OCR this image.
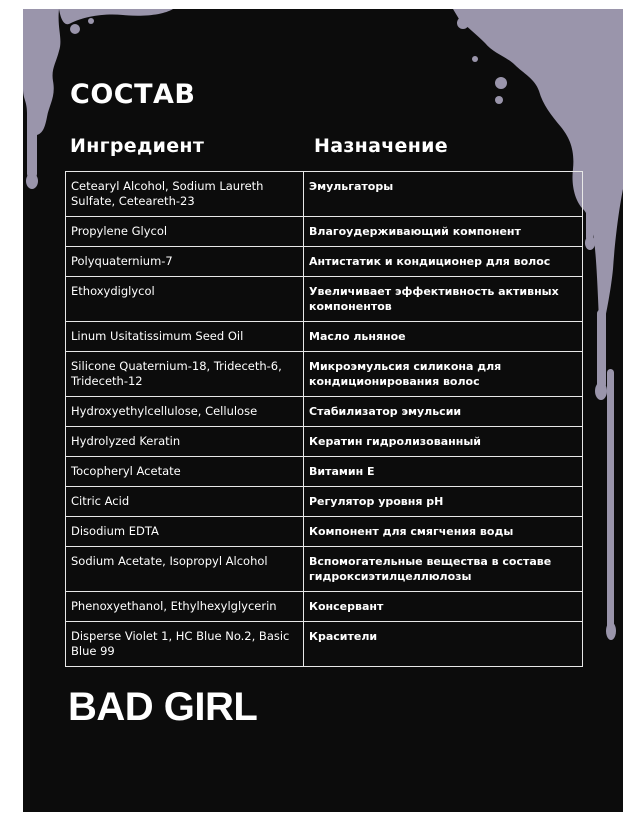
СОСТАВ
Ингредиент	Назначение
Cetearyl Alcohol, Sodium Laureth Sulfate, Ceteareth-23	Эмульгаторы
Propylene Glycol	Влагоудерживающий компонент
Polyquaternium-7	Антистатик и кондиционер для волос
Ethoxydiglycol	Увеличивает эффективность активных компонентов
Linum Usitatissimum Seed Oil	Масло льняное
Silicone Quaternium-18, Trideceth-6, Trideceth-12	Микроэмульсия силикона для кондиционирования волос
Hydroxyethylcellulose, Cellulose	Стабилизатор эмульсии
Hydrolyzed Keratin	Кератин гидролизованный
Tocopheryl Acetate	Витамин Е
Citric Acid	Регулятор уровня pH
Disodium EDTA	Компонент для смягчения воды
Sodium Acetate, Isopropyl Alcohol	Вспомогательные вещества в составе гидроксиэтилцеллюлозы
Phenoxyethanol, Ethylhexylglycerin	Консервант
Disperse Violet 1, HC Blue No.2, Basic Blue 99	Красители
BAD GIRL
